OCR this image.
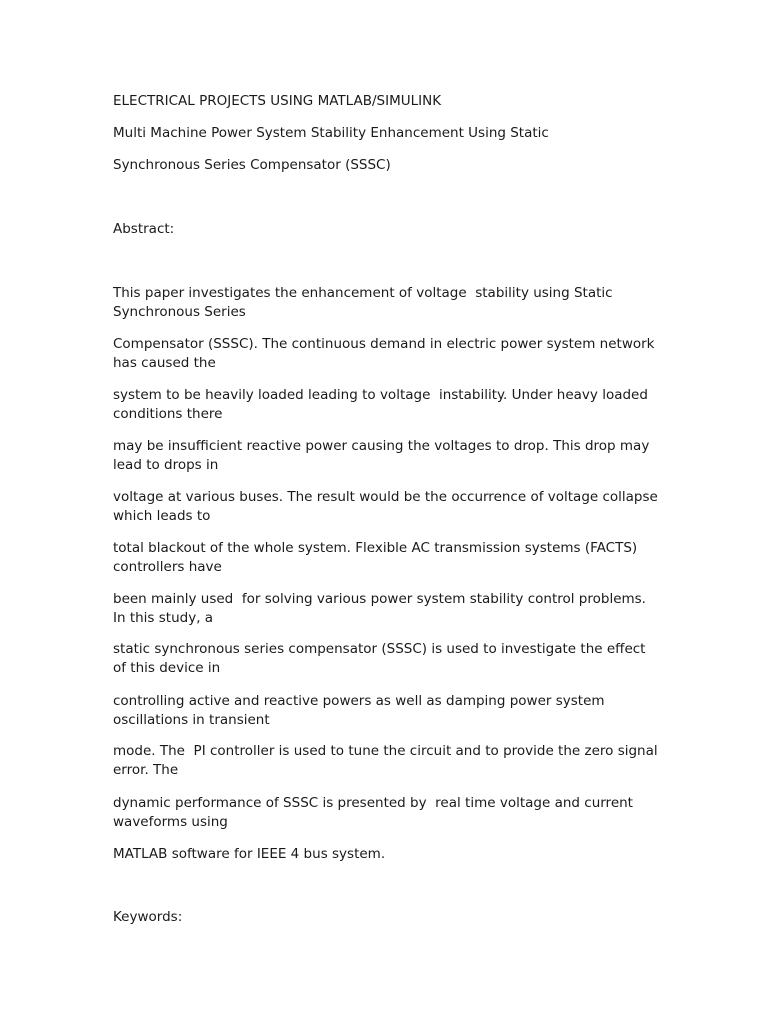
ELECTRICAL PROJECTS USING MATLAB/SIMULINK
Multi Machine Power System Stability Enhancement Using Static
Synchronous Series Compensator (SSSC)
Abstract:
This paper investigates the enhancement of voltage  stability using Static Synchronous Series
Compensator (SSSC). The continuous demand in electric power system network has caused the
system to be heavily loaded leading to voltage  instability. Under heavy loaded conditions there
may be insufficient reactive power causing the voltages to drop. This drop may lead to drops in
voltage at various buses. The result would be the occurrence of voltage collapse which leads to
total blackout of the whole system. Flexible AC transmission systems (FACTS) controllers have
been mainly used  for solving various power system stability control problems. In this study, a
static synchronous series compensator (SSSC) is used to investigate the effect of this device in
controlling active and reactive powers as well as damping power system oscillations in transient
mode. The  PI controller is used to tune the circuit and to provide the zero signal error. The
dynamic performance of SSSC is presented by  real time voltage and current waveforms using
MATLAB software for IEEE 4 bus system.
Keywords:
